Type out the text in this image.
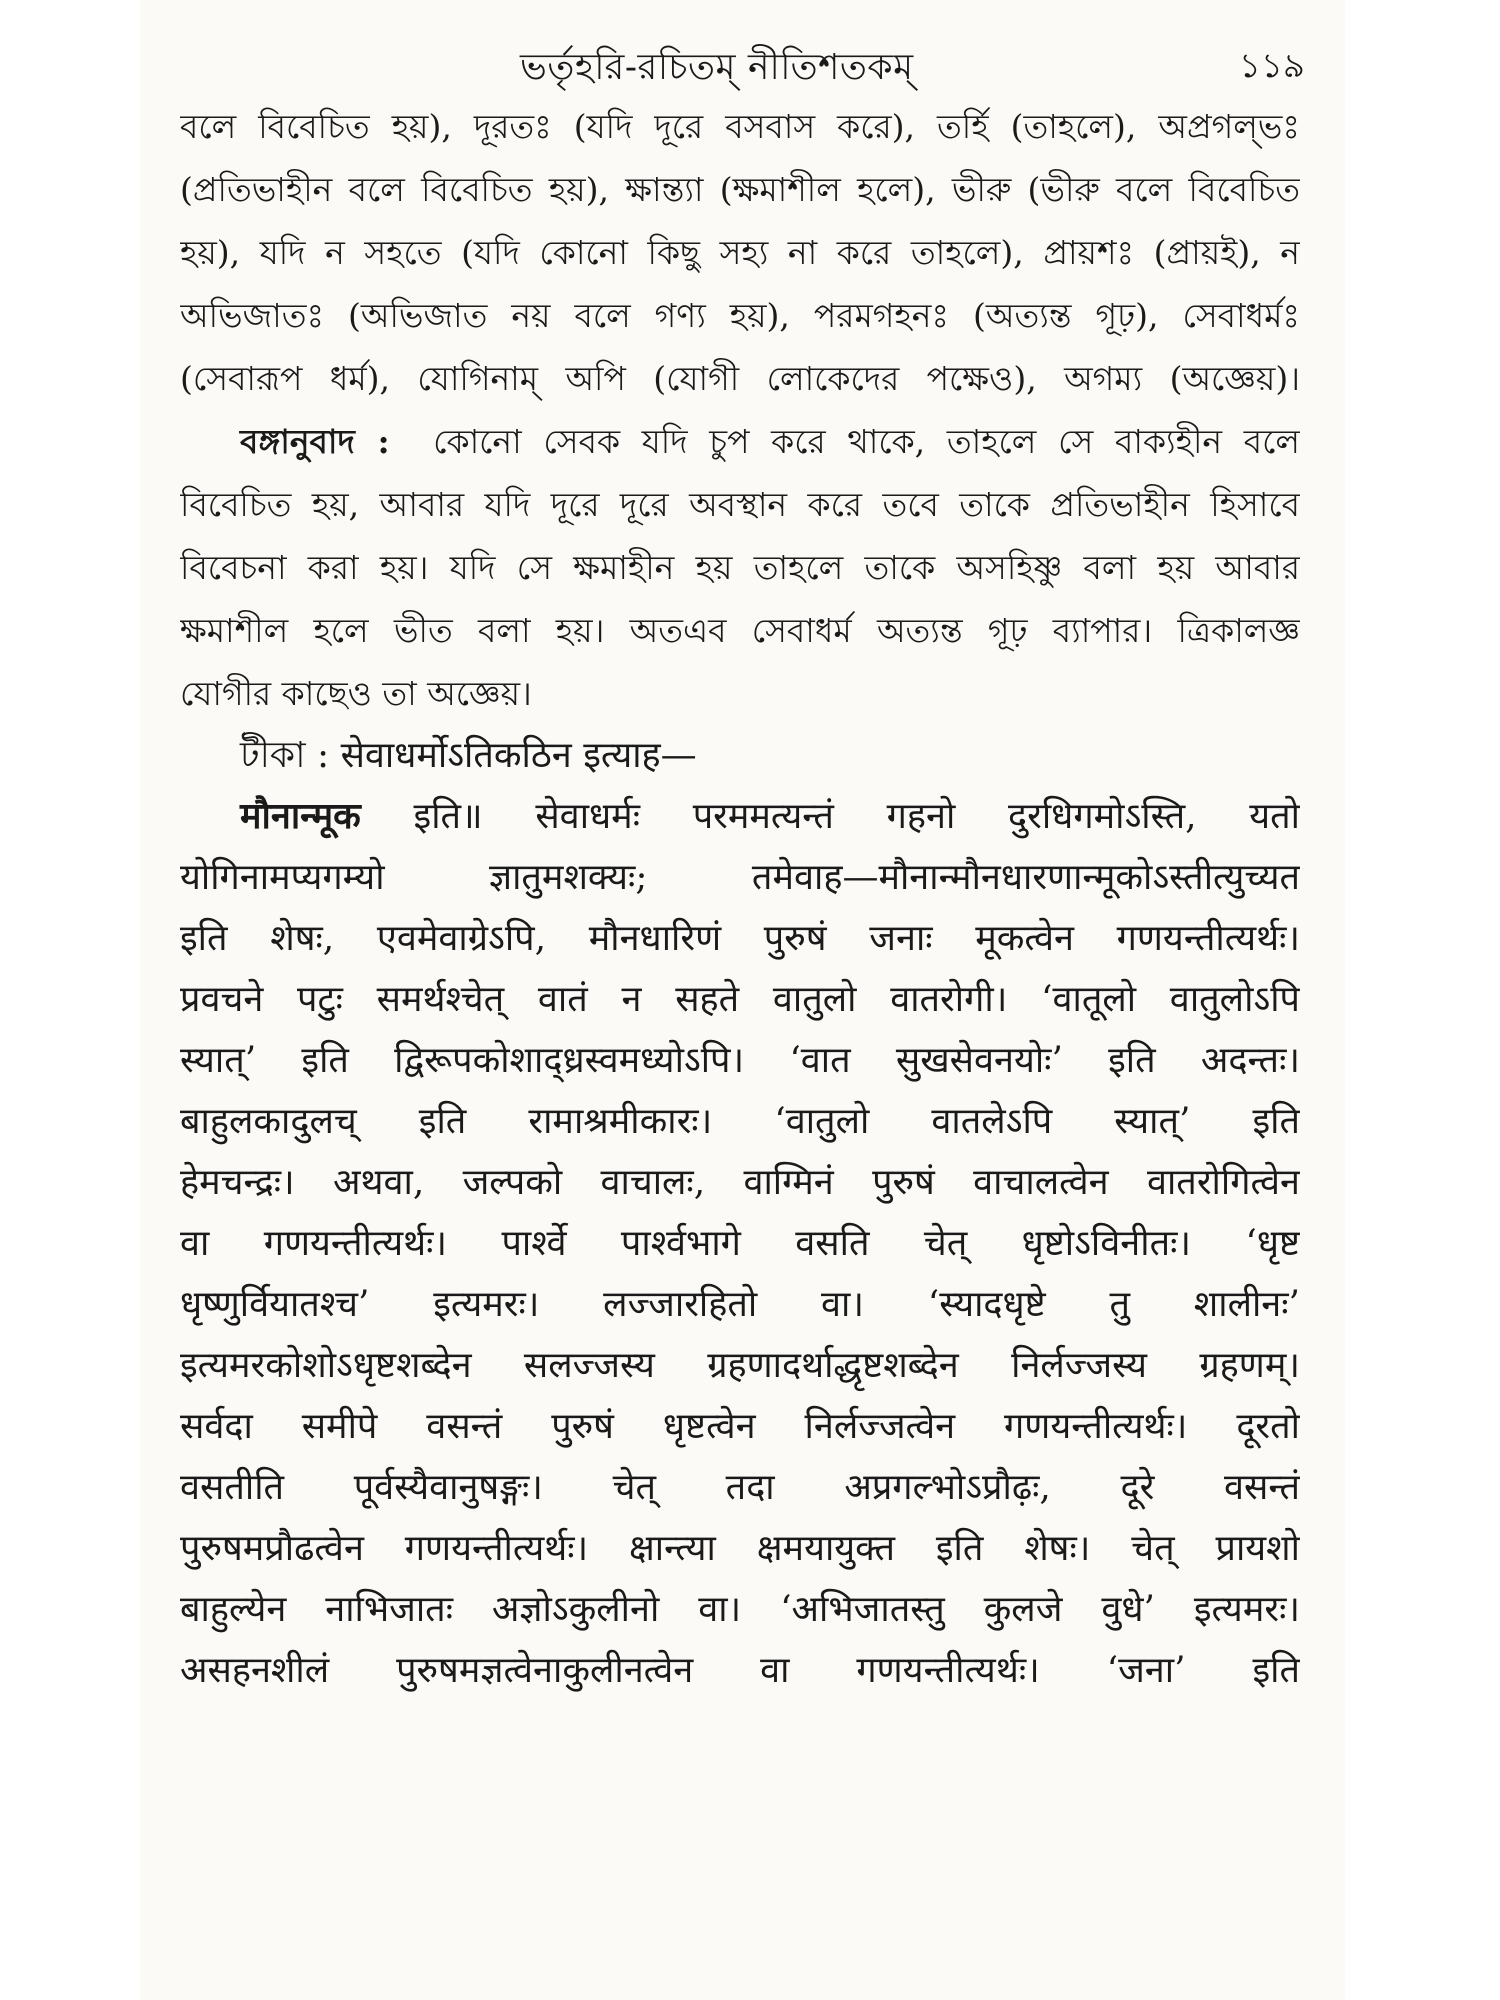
ভর্তৃহরি-রচিতম্ নীতিশতকম্	১১৯
বলে বিবেচিত হয়), দূরতঃ (যদি দূরে বসবাস করে), তর্হি (তাহলে), অপ্রগল্ভঃ
(প্রতিভাহীন বলে বিবেচিত হয়), ক্ষান্ত্যা (ক্ষমাশীল হলে), ভীরু (ভীরু বলে বিবেচিত
হয়), যদি ন সহতে (যদি কোনো কিছু সহ্য না করে তাহলে), প্রায়শঃ (প্রায়ই), ন
অভিজাতঃ (অভিজাত নয় বলে গণ্য হয়), পরমগহনঃ (অত্যন্ত গূঢ়), সেবাধর্মঃ
(সেবারূপ ধর্ম), যোগিনাম্ অপি (যোগী লোকেদের পক্ষেও), অগম্য (অজ্ঞেয়)।
বঙ্গানুবাদ : কোনো সেবক যদি চুপ করে থাকে, তাহলে সে বাক্যহীন বলে
বিবেচিত হয়, আবার যদি দূরে দূরে অবস্থান করে তবে তাকে প্রতিভাহীন হিসাবে
বিবেচনা করা হয়। যদি সে ক্ষমাহীন হয় তাহলে তাকে অসহিষ্ণু বলা হয় আবার
ক্ষমাশীল হলে ভীত বলা হয়। অতএব সেবাধর্ম অত্যন্ত গূঢ় ব্যাপার। ত্রিকালজ্ঞ
যোগীর কাছেও তা অজ্ঞেয়।
টীকা : सेवाधर्मोऽतिकठिन इत्याह—
मौनान्मूक इति॥ सेवाधर्मः परममत्यन्तं गहनो दुरधिगमोऽस्ति, यतो
योगिनामप्यगम्यो ज्ञातुमशक्यः; तमेवाह—मौनान्मौनधारणान्मूकोऽस्तीत्युच्यत
इति शेषः, एवमेवाग्रेऽपि, मौनधारिणं पुरुषं जनाः मूकत्वेन गणयन्तीत्यर्थः।
प्रवचने पटुः समर्थश्चेत् वातं न सहते वातुलो वातरोगी। ‘वातूलो वातुलोऽपि
स्यात्’ इति द्विरूपकोशाद्ध्रस्वमध्योऽपि। ‘वात सुखसेवनयोः’ इति अदन्तः।
बाहुलकादुलच् इति रामाश्रमीकारः। ‘वातुलो वातलेऽपि स्यात्’ इति
हेमचन्द्रः। अथवा, जल्पको वाचालः, वाग्मिनं पुरुषं वाचालत्वेन वातरोगित्वेन
वा गणयन्तीत्यर्थः। पार्श्वे पार्श्वभागे वसति चेत् धृष्टोऽविनीतः। ‘धृष्ट
धृष्णुर्वियातश्च’ इत्यमरः। लज्जारहितो वा। ‘स्यादधृष्टे तु शालीनः’
इत्यमरकोशोऽधृष्टशब्देन सलज्जस्य ग्रहणादर्थाद्धृष्टशब्देन निर्लज्जस्य ग्रहणम्।
सर्वदा समीपे वसन्तं पुरुषं धृष्टत्वेन निर्लज्जत्वेन गणयन्तीत्यर्थः। दूरतो
वसतीति पूर्वस्यैवानुषङ्गः। चेत् तदा अप्रगल्भोऽप्रौढ़ः, दूरे वसन्तं
पुरुषमप्रौढत्वेन गणयन्तीत्यर्थः। क्षान्त्या क्षमयायुक्त इति शेषः। चेत् प्रायशो
बाहुल्येन नाभिजातः अज्ञोऽकुलीनो वा। ‘अभिजातस्तु कुलजे वुधे’ इत्यमरः।
असहनशीलं पुरुषमज्ञत्वेनाकुलीनत्वेन वा गणयन्तीत्यर्थः। ‘जना’ इति
